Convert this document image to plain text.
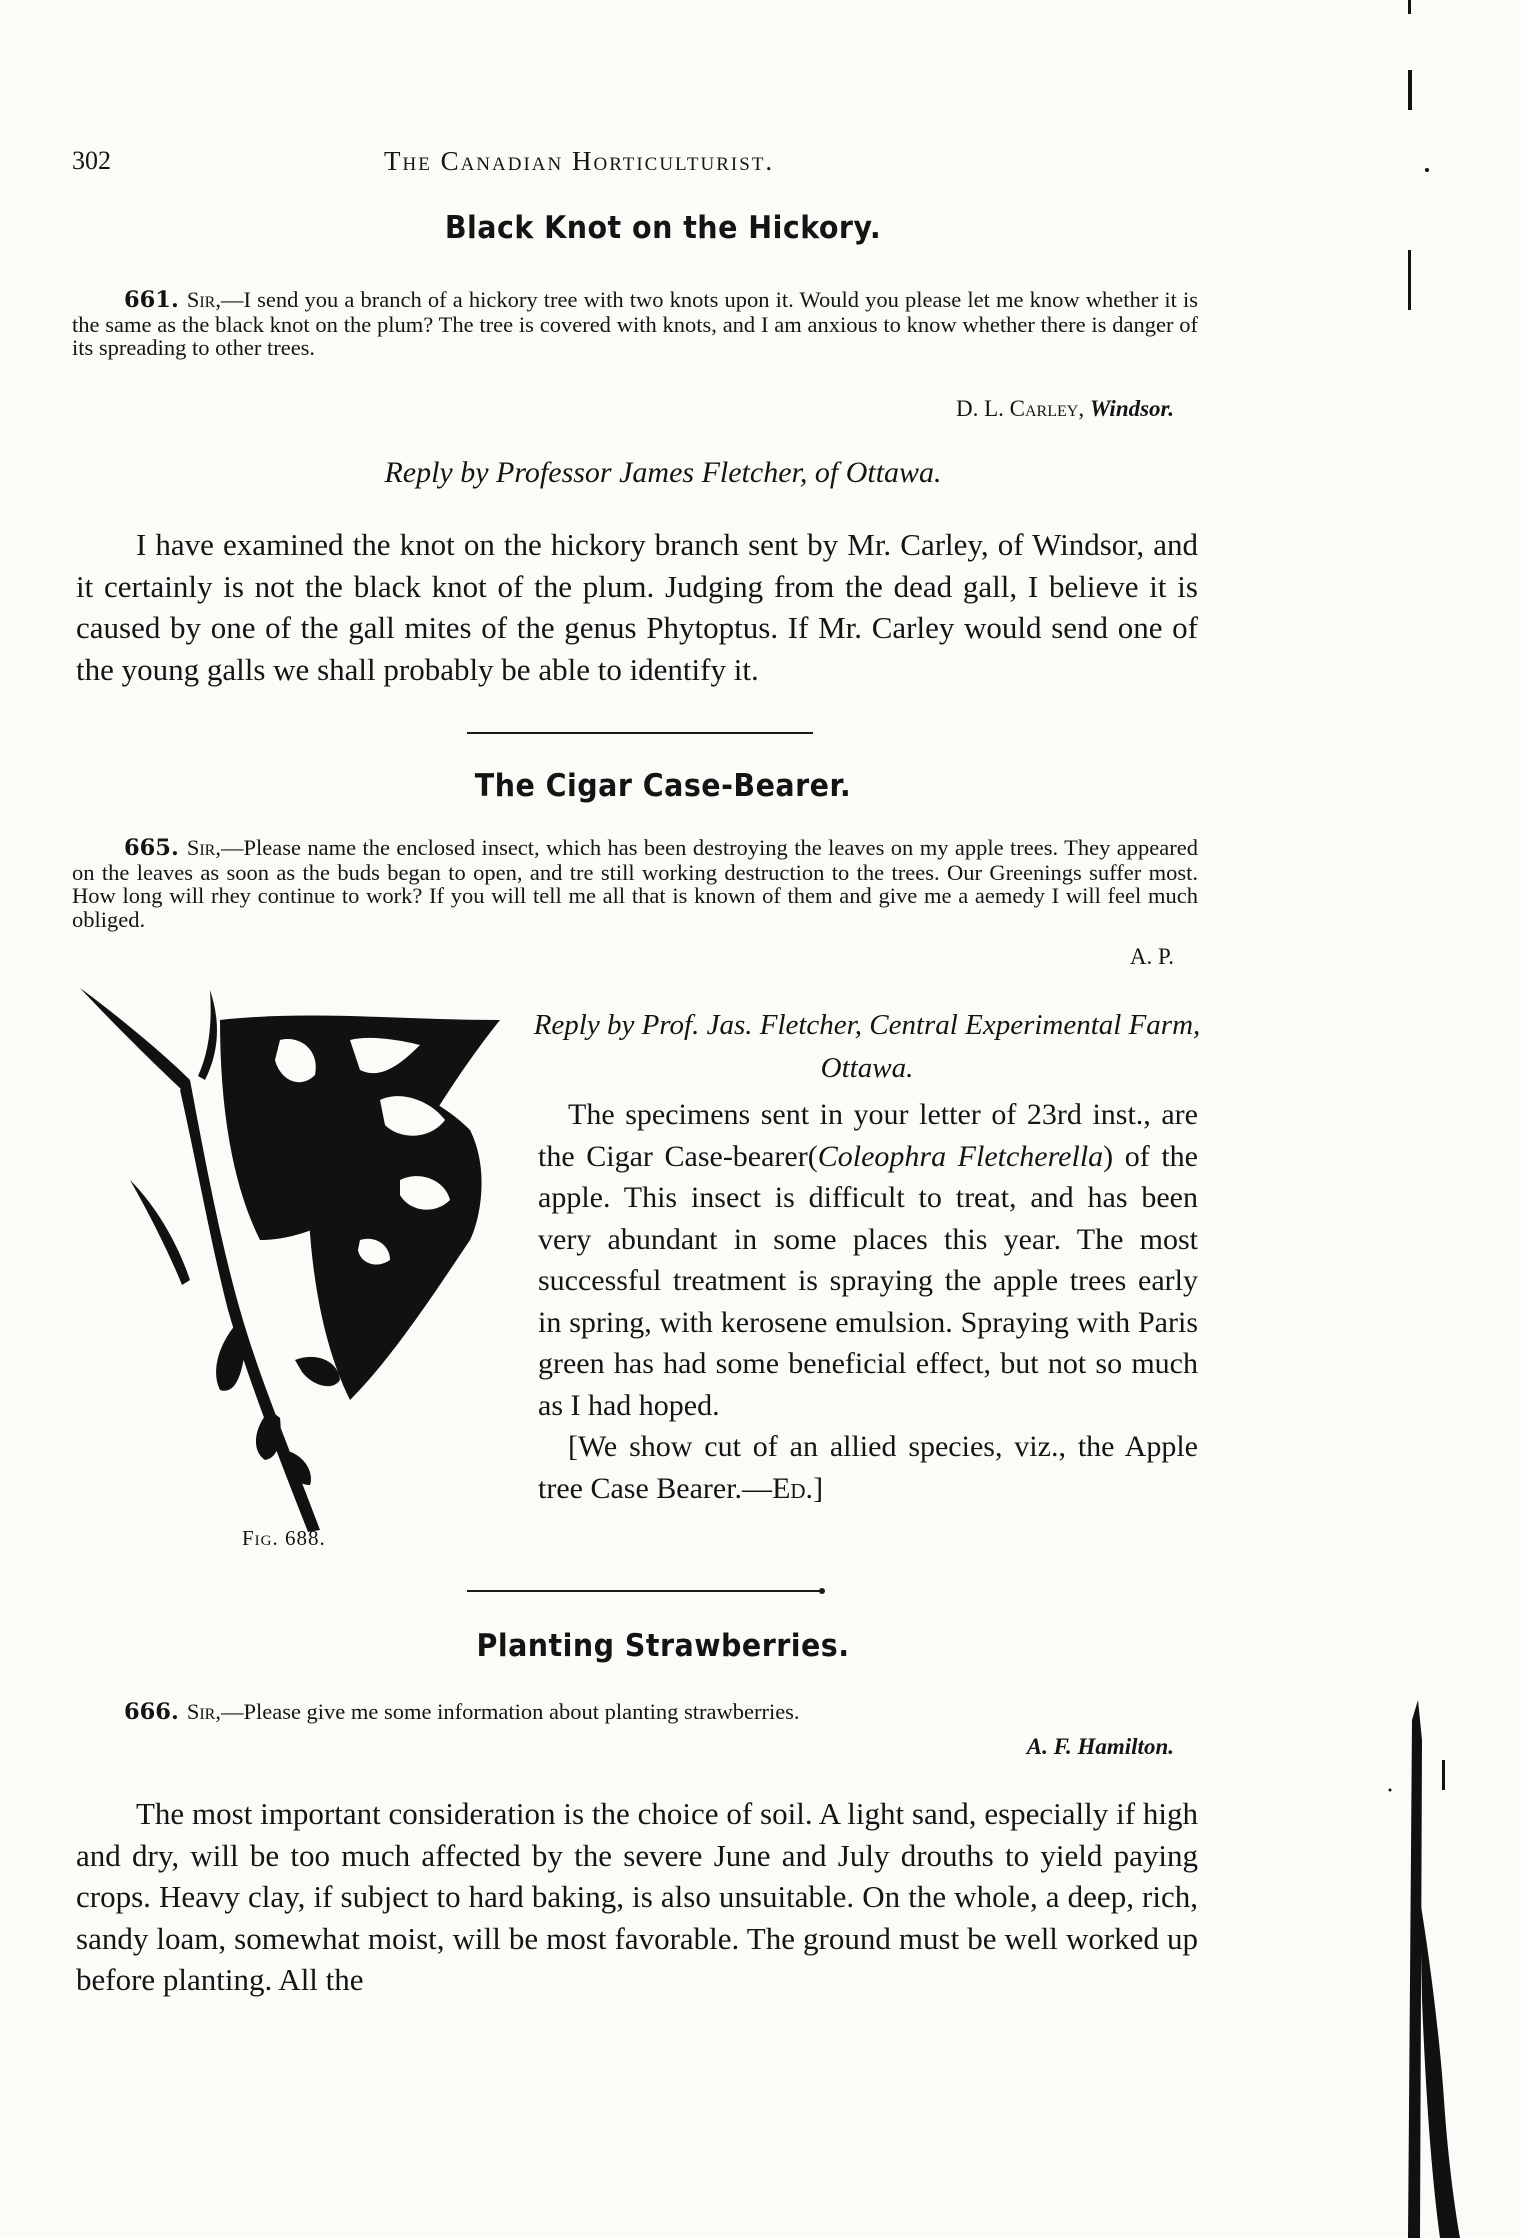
302	The Canadian Horticulturist.
Black Knot on the Hickory.
661. Sir,—I send you a branch of a hickory tree with two knots upon it. Would you please let me know whether it is the same as the black knot on the plum? The tree is covered with knots, and I am anxious to know whether there is danger of its spreading to other trees.
D. L. Carley, Windsor.
Reply by Professor James Fletcher, of Ottawa.

I have examined the knot on the hickory branch sent by Mr. Carley, of Windsor, and it certainly is not the black knot of the plum. Judging from the dead gall, I believe it is caused by one of the gall mites of the genus Phytoptus. If Mr. Carley would send one of the young galls we shall probably be able to identify it.

The Cigar Case-Bearer.
665. Sir,—Please name the enclosed insect, which has been destroying the leaves on my apple trees. They appeared on the leaves as soon as the buds began to open, and tre still working destruction to the trees. Our Greenings suffer most. How long will rhey continue to work? If you will tell me all that is known of them and give me a aemedy I will feel much obliged.
A. P.
Fig. 688.
Reply by Prof. Jas. Fletcher, Central Experimental Farm, Ottawa.

The specimens sent in your letter of 23rd inst., are the Cigar Case-bearer(Coleophra Fletcherella) of the apple. This insect is difficult to treat, and has been very abundant in some places this year. The most successful treatment is spraying the apple trees early in spring, with kerosene emulsion. Spraying with Paris green has had some beneficial effect, but not so much as I had hoped.

[We show cut of an allied species, viz., the Apple tree Case Bearer.—Ed.]

Planting Strawberries.
666. Sir,—Please give me some information about planting strawberries.
A. F. Hamilton.

The most important consideration is the choice of soil. A light sand, especially if high and dry, will be too much affected by the severe June and July drouths to yield paying crops. Heavy clay, if subject to hard baking, is also unsuitable. On the whole, a deep, rich, sandy loam, somewhat moist, will be most favorable. The ground must be well worked up before planting. All the
